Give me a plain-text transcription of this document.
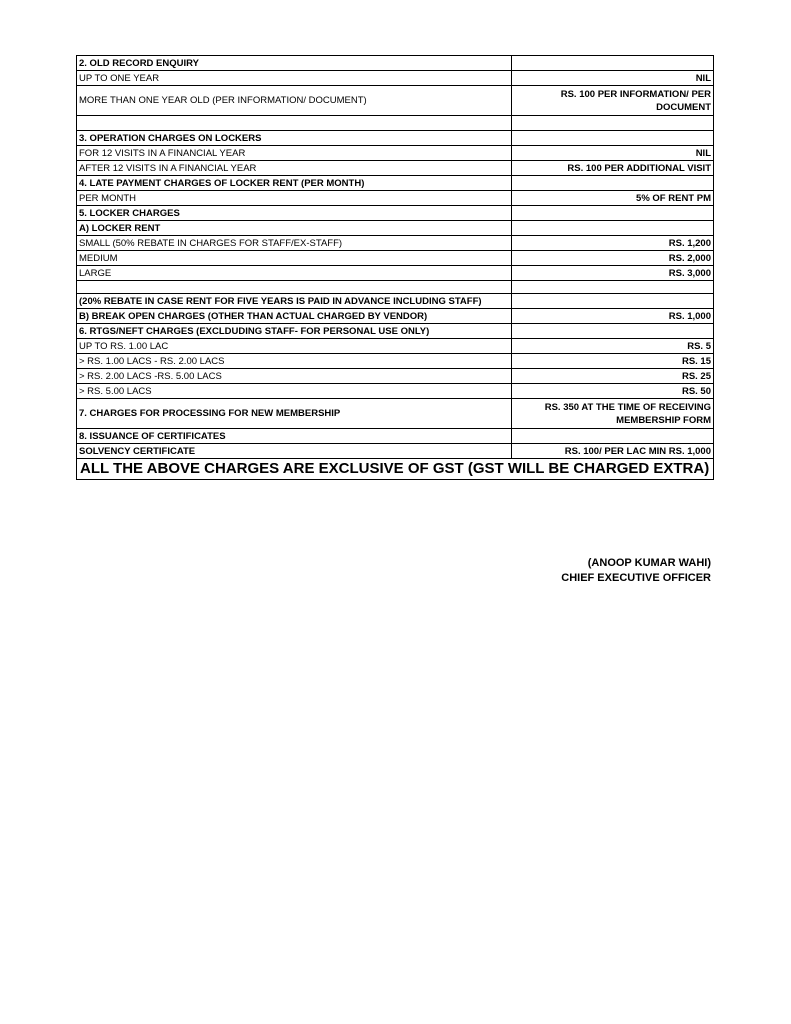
2. OLD RECORD ENQUIRY	
UP TO ONE YEAR	NIL
MORE THAN ONE YEAR OLD (PER INFORMATION/ DOCUMENT)	RS. 100 PER INFORMATION/ PER DOCUMENT

3. OPERATION CHARGES ON LOCKERS	
FOR 12 VISITS IN A FINANCIAL YEAR	NIL
AFTER 12 VISITS IN A FINANCIAL YEAR	RS. 100 PER ADDITIONAL VISIT
4. LATE PAYMENT CHARGES OF LOCKER RENT (PER MONTH)	
PER MONTH	5% OF RENT PM
5. LOCKER CHARGES	
A) LOCKER RENT	
SMALL (50% REBATE IN CHARGES FOR STAFF/EX-STAFF)	RS. 1,200
MEDIUM	RS. 2,000
LARGE	RS. 3,000

(20% REBATE IN CASE RENT FOR FIVE YEARS IS PAID IN ADVANCE INCLUDING STAFF)	
B) BREAK OPEN CHARGES (OTHER THAN ACTUAL CHARGED BY VENDOR)	RS. 1,000
6. RTGS/NEFT CHARGES (EXCLDUDING STAFF- FOR PERSONAL USE ONLY)	
UP TO RS. 1.00 LAC	RS. 5
> RS. 1.00 LACS - RS. 2.00 LACS	RS. 15
> RS. 2.00 LACS -RS. 5.00 LACS	RS. 25
> RS. 5.00 LACS	RS. 50
7. CHARGES FOR PROCESSING FOR NEW MEMBERSHIP	RS. 350 AT THE TIME OF RECEIVING MEMBERSHIP FORM
8. ISSUANCE OF CERTIFICATES	
SOLVENCY CERTIFICATE	RS. 100/ PER LAC MIN RS. 1,000
ALL THE ABOVE CHARGES ARE EXCLUSIVE OF GST (GST WILL BE CHARGED EXTRA)	
(ANOOP KUMAR WAHI)
CHIEF EXECUTIVE OFFICER
